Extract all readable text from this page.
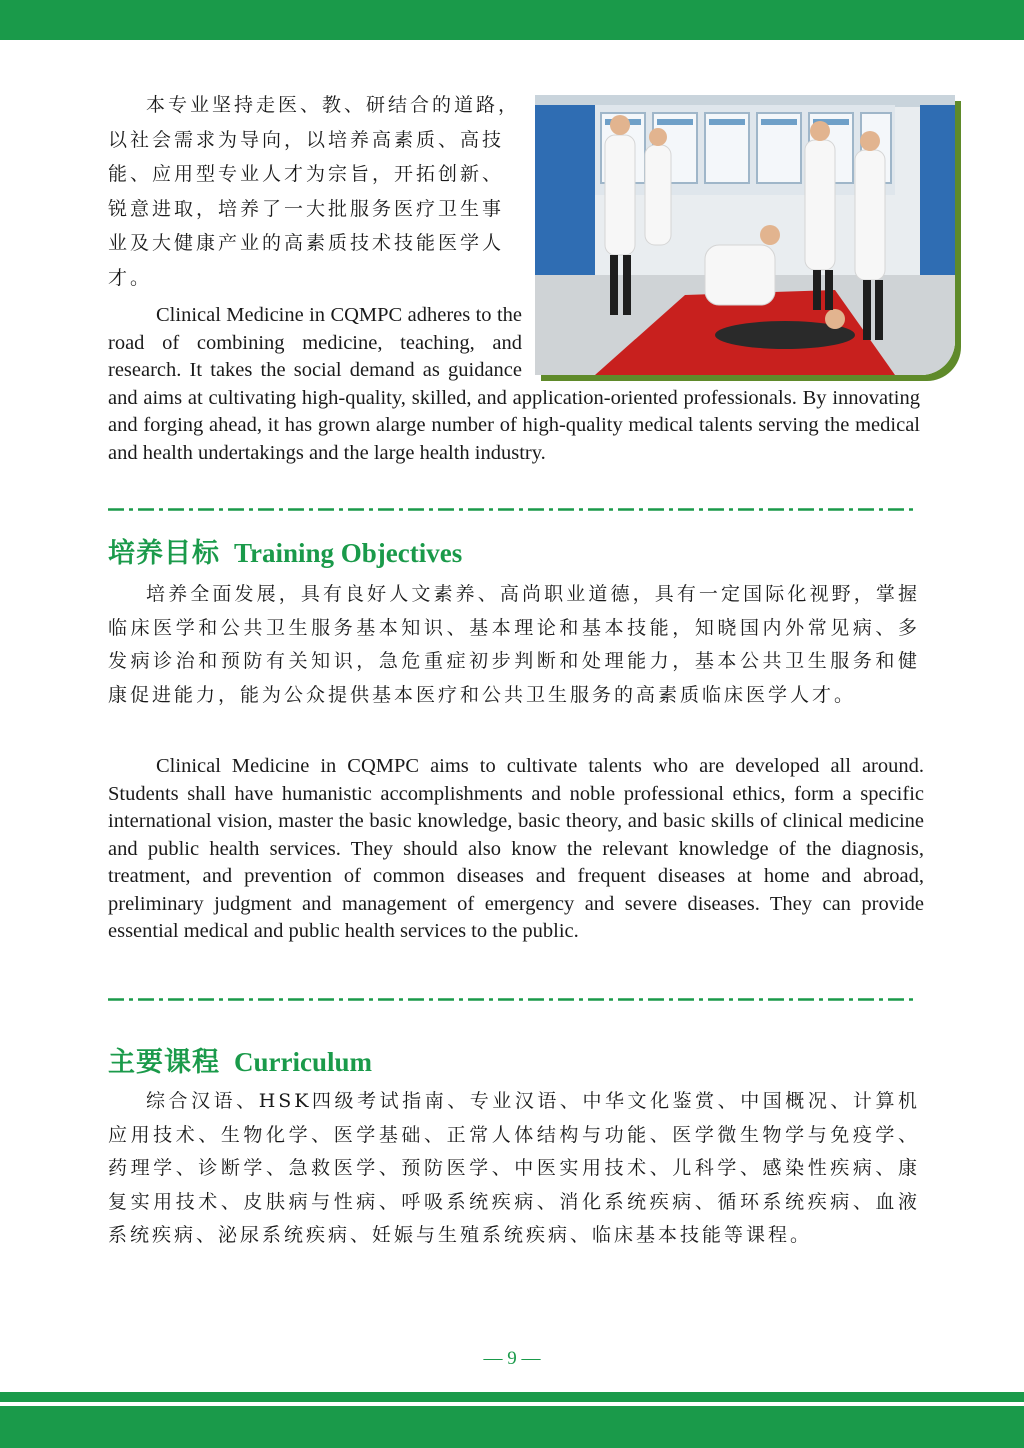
本专业坚持走医、教、研结合的道路，以社会需求为导向，以培养高素质、高技能、应用型专业人才为宗旨，开拓创新、锐意进取，培养了一大批服务医疗卫生事业及大健康产业的高素质技术技能医学人才。

Clinical Medicine in CQMPC adheres to the road of combining medicine, teaching, and research. It takes the social demand as guidance and aims at cultivating high-quality, skilled, and application-oriented professionals. By innovating and forging ahead, it has grown alarge number of high-quality medical talents serving the medical and health undertakings and the large health industry.

培养目标 Training Objectives

培养全面发展，具有良好人文素养、高尚职业道德，具有一定国际化视野，掌握临床医学和公共卫生服务基本知识、基本理论和基本技能，知晓国内外常见病、多发病诊治和预防有关知识，急危重症初步判断和处理能力，基本公共卫生服务和健康促进能力，能为公众提供基本医疗和公共卫生服务的高素质临床医学人才。

Clinical Medicine in CQMPC aims to cultivate talents who are developed all around. Students shall have humanistic accomplishments and noble professional ethics, form a specific international vision, master the basic knowledge, basic theory, and basic skills of clinical medicine and public health services. They should also know the relevant knowledge of the diagnosis, treatment, and prevention of common diseases and frequent diseases at home and abroad, preliminary judgment and management of emergency and severe diseases. They can provide essential medical and public health services to the public.

主要课程 Curriculum

综合汉语、HSK四级考试指南、专业汉语、中华文化鉴赏、中国概况、计算机应用技术、生物化学、医学基础、正常人体结构与功能、医学微生物学与免疫学、药理学、诊断学、急救医学、预防医学、中医实用技术、儿科学、感染性疾病、康复实用技术、皮肤病与性病、呼吸系统疾病、消化系统疾病、循环系统疾病、血液系统疾病、泌尿系统疾病、妊娠与生殖系统疾病、临床基本技能等课程。

— 9 —
